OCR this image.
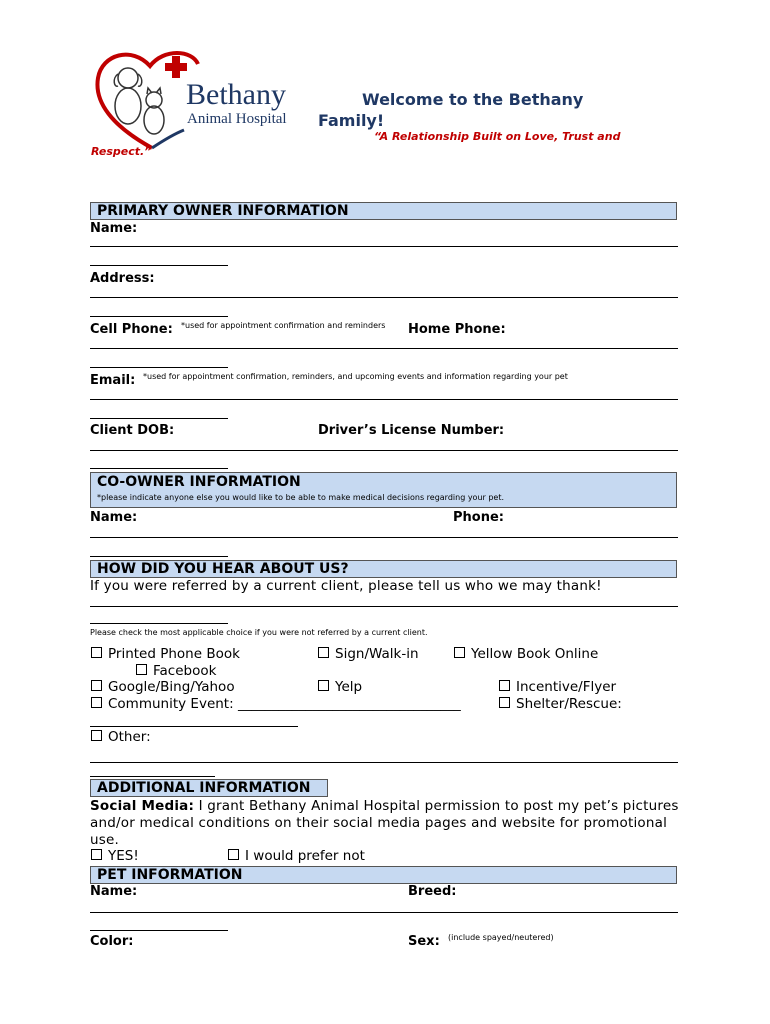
Bethany
Animal Hospital
Welcome to the Bethany
Family!
“A Relationship Built on Love, Trust and
Respect.”
PRIMARY OWNER INFORMATION
Name:
Address:
Cell Phone: *used for appointment confirmation and reminders Home Phone:
Email: *used for appointment confirmation, reminders, and upcoming events and information regarding your pet
Client DOB:	Driver’s License Number:
CO-OWNER INFORMATION
*please indicate anyone else you would like to be able to make medical decisions regarding your pet.
Name:	Phone:
HOW DID YOU HEAR ABOUT US?
If you were referred by a current client, please tell us who we may thank!
Please check the most applicable choice if you were not referred by a current client.
Printed Phone Book	Sign/Walk-in	Yellow Book Online
Facebook
Google/Bing/Yahoo	Yelp	Incentive/Flyer
Community Event: _________________________________	Shelter/Rescue:
Other:
ADDITIONAL INFORMATION
Social Media: I grant Bethany Animal Hospital permission to post my pet’s pictures
and/or medical conditions on their social media pages and website for promotional
use.
YES!	I would prefer not
PET INFORMATION
Name:	Breed:
Color:	Sex: (include spayed/neutered)
